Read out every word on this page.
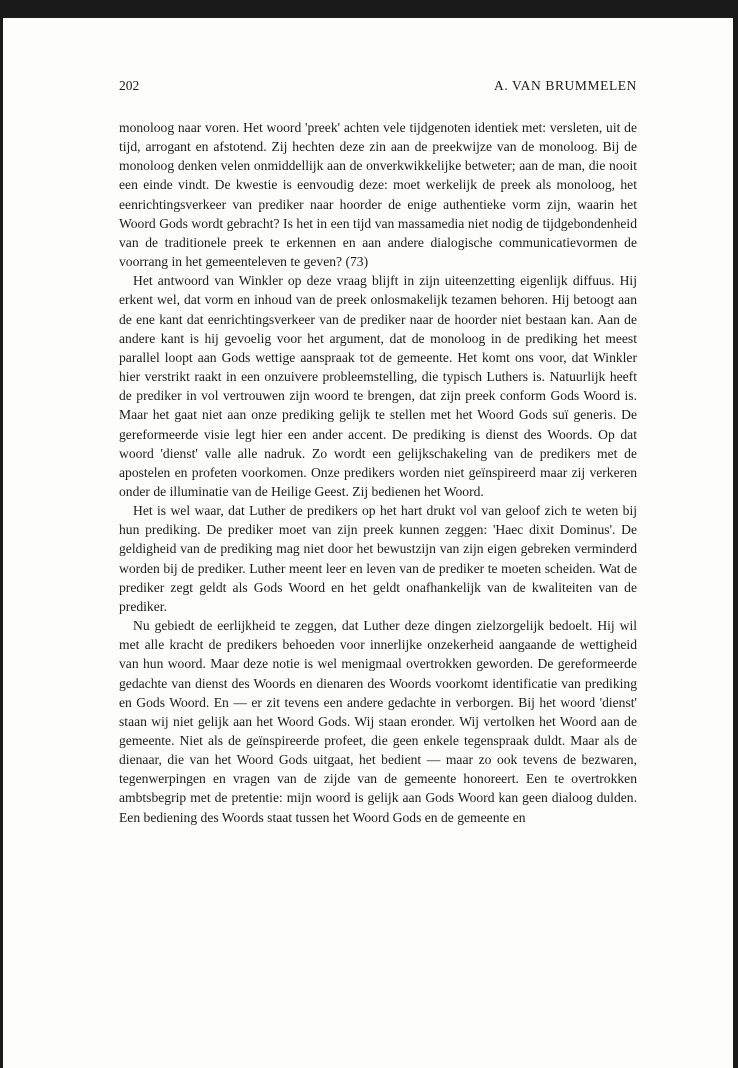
202	A. VAN BRUMMELEN

monoloog naar voren. Het woord 'preek' achten vele tijdgenoten identiek met: versleten, uit de tijd, arrogant en afstotend. Zij hechten deze zin aan de preekwijze van de monoloog. Bij de monoloog denken velen onmiddellijk aan de onverkwikkelijke betweter; aan de man, die nooit een einde vindt. De kwestie is eenvoudig deze: moet werkelijk de preek als monoloog, het eenrichtingsverkeer van prediker naar hoorder de enige authentieke vorm zijn, waarin het Woord Gods wordt gebracht? Is het in een tijd van massamedia niet nodig de tijdgebondenheid van de traditionele preek te erkennen en aan andere dialogische communicatievormen de voorrang in het gemeenteleven te geven? (73)

Het antwoord van Winkler op deze vraag blijft in zijn uiteenzetting eigenlijk diffuus. Hij erkent wel, dat vorm en inhoud van de preek onlosmakelijk tezamen behoren. Hij betoogt aan de ene kant dat eenrichtingsverkeer van de prediker naar de hoorder niet bestaan kan. Aan de andere kant is hij gevoelig voor het argument, dat de monoloog in de prediking het meest parallel loopt aan Gods wettige aanspraak tot de gemeente. Het komt ons voor, dat Winkler hier verstrikt raakt in een onzuivere probleemstelling, die typisch Luthers is. Natuurlijk heeft de prediker in vol vertrouwen zijn woord te brengen, dat zijn preek conform Gods Woord is. Maar het gaat niet aan onze prediking gelijk te stellen met het Woord Gods suï generis. De gereformeerde visie legt hier een ander accent. De prediking is dienst des Woords. Op dat woord 'dienst' valle alle nadruk. Zo wordt een gelijkschakeling van de predikers met de apostelen en profeten voorkomen. Onze predikers worden niet geïnspireerd maar zij verkeren onder de illuminatie van de Heilige Geest. Zij bedienen het Woord.

Het is wel waar, dat Luther de predikers op het hart drukt vol van geloof zich te weten bij hun prediking. De prediker moet van zijn preek kunnen zeggen: 'Haec dixit Dominus'. De geldigheid van de prediking mag niet door het bewustzijn van zijn eigen gebreken verminderd worden bij de prediker. Luther meent leer en leven van de prediker te moeten scheiden. Wat de prediker zegt geldt als Gods Woord en het geldt onafhankelijk van de kwaliteiten van de prediker.

Nu gebiedt de eerlijkheid te zeggen, dat Luther deze dingen zielzorgelijk bedoelt. Hij wil met alle kracht de predikers behoeden voor innerlijke onzekerheid aangaande de wettigheid van hun woord. Maar deze notie is wel menigmaal overtrokken geworden. De gereformeerde gedachte van dienst des Woords en dienaren des Woords voorkomt identificatie van prediking en Gods Woord. En — er zit tevens een andere gedachte in verborgen. Bij het woord 'dienst' staan wij niet gelijk aan het Woord Gods. Wij staan eronder. Wij vertolken het Woord aan de gemeente. Niet als de geïnspireerde profeet, die geen enkele tegenspraak duldt. Maar als de dienaar, die van het Woord Gods uitgaat, het bedient — maar zo ook tevens de bezwaren, tegenwerpingen en vragen van de zijde van de gemeente honoreert. Een te overtrokken ambtsbegrip met de pretentie: mijn woord is gelijk aan Gods Woord kan geen dialoog dulden. Een bediening des Woords staat tussen het Woord Gods en de gemeente en
